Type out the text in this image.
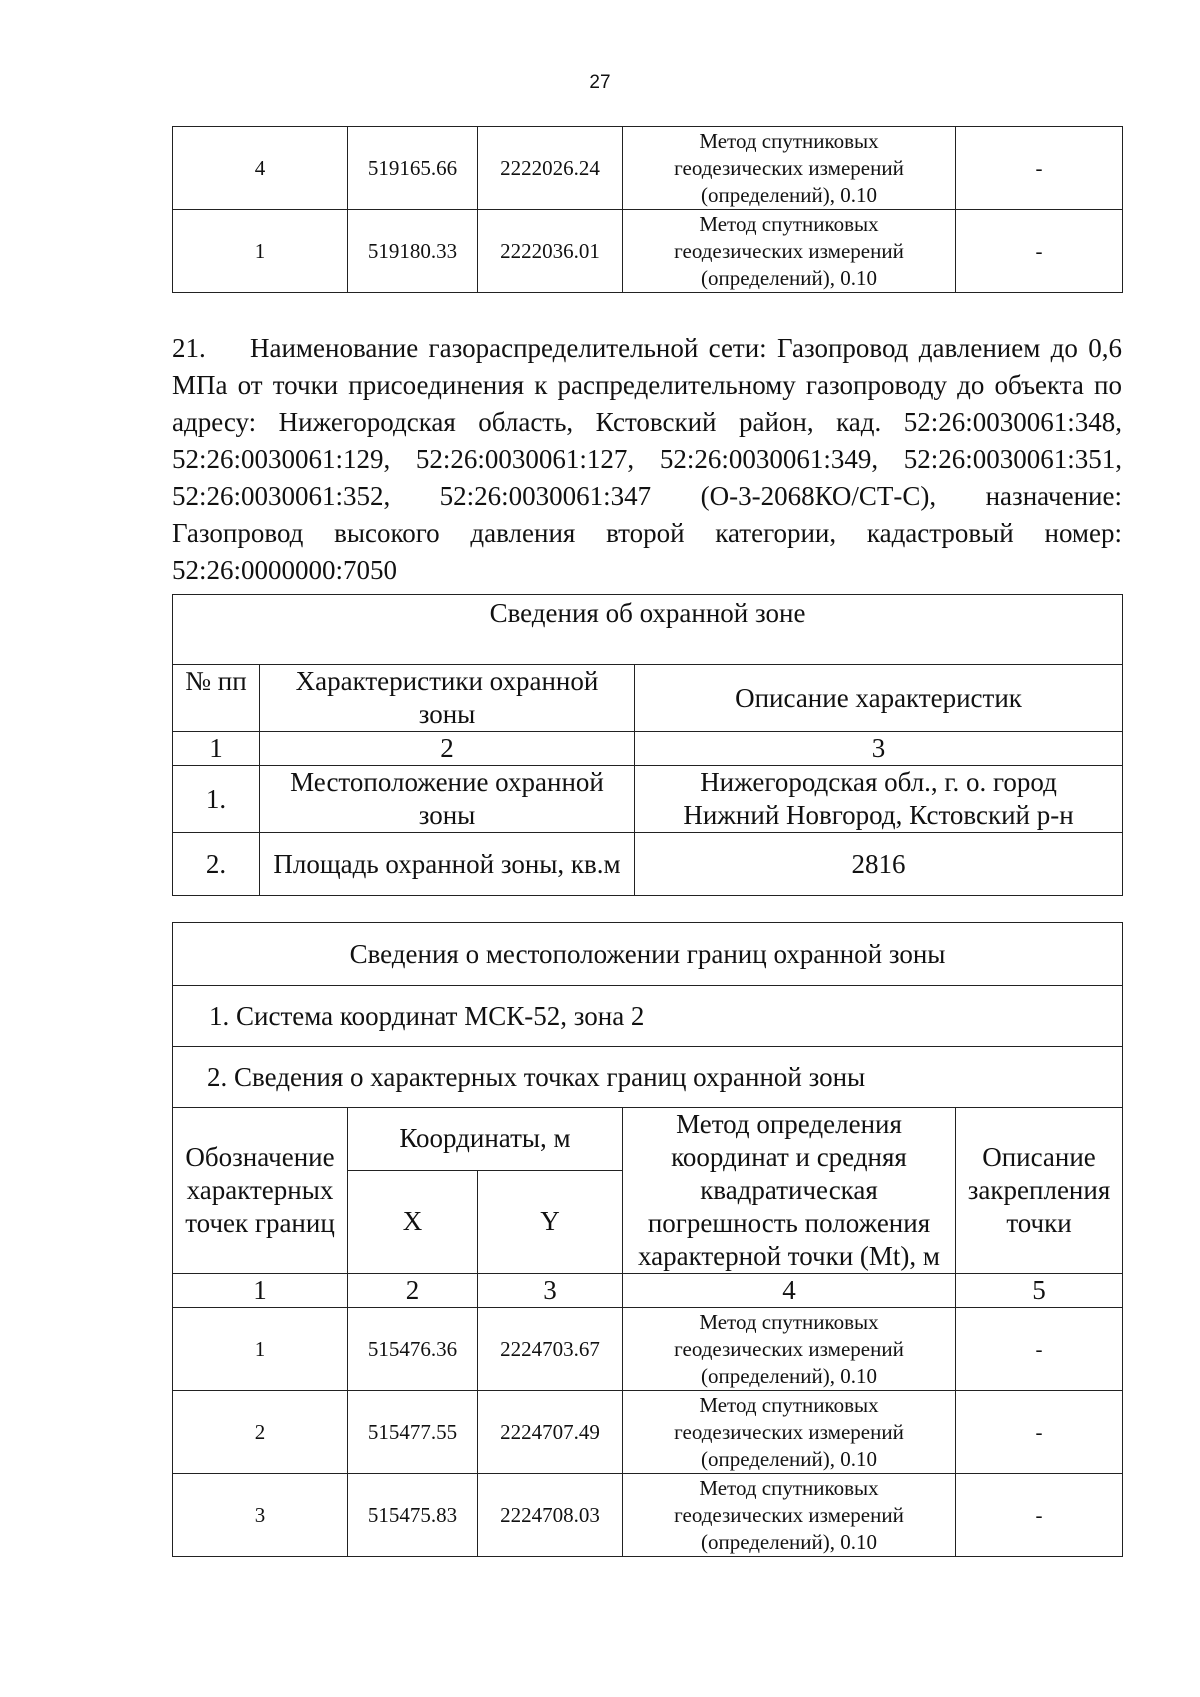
27
4	519165.66	2222026.24	Метод спутниковых
геодезических измерений
(определений), 0.10	-
1	519180.33	2222036.01	Метод спутниковых
геодезических измерений
(определений), 0.10	-
21. Наименование газораспределительной сети: Газопровод давлением до 0,6 МПа от точки присоединения к распределительному газопроводу до объекта по адресу: Нижегородская область, Кстовский район, кад. 52:26:0030061:348, 52:26:0030061:129, 52:26:0030061:127, 52:26:0030061:349, 52:26:0030061:351, 52:26:0030061:352, 52:26:0030061:347 (О-3-2068КО/СТ-С), назначение: Газопровод высокого давления второй категории, кадастровый номер: 52:26:0000000:7050
Сведения об охранной зоне		
№ пп	Характеристики охранной зоны	Описание характеристик
1	2	3
1.	Местоположение охранной зоны	Нижегородская обл., г. о. город
Нижний Новгород, Кстовский р-н

2.	Площадь охранной зоны, кв.м	2816
Сведения о местоположении границ охранной зоны				
1. Система координат МСК-52, зона 2				
2. Сведения о характерных точках границ охранной зоны				
Обозначение характерных точек границ	Координаты, м		Метод определения координат и средняя квадратическая погрешность положения характерной точки (Mt), м	Описание закрепления точки
	X	Y		
1	2	3	4	5
1	515476.36	2224703.67	Метод спутниковых
геодезических измерений
(определений), 0.10	-
2	515477.55	2224707.49	Метод спутниковых
геодезических измерений
(определений), 0.10	-
3	515475.83	2224708.03	Метод спутниковых
геодезических измерений
(определений), 0.10	-
